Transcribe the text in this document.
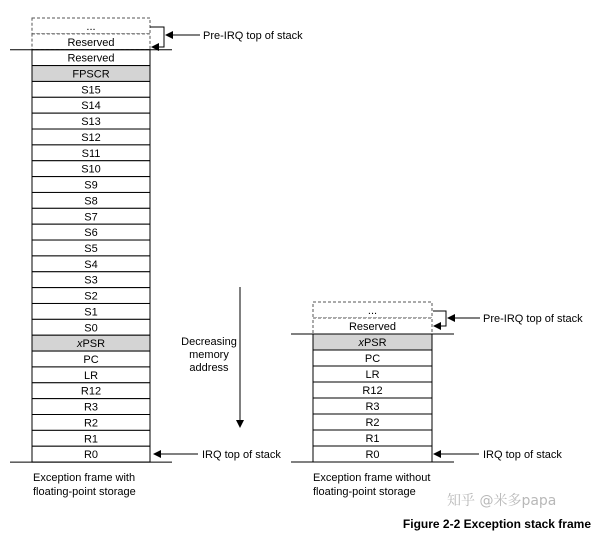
...
Reserved
Reserved
FPSCR
S15
S14
S13
S12
S11
S10
S9
S8
S7
S6
S5
S4
S3
S2
S1
S0
xPSR
PC
LR
R12
R3
R2
R1
R0
...
Reserved
xPSR
PC
LR
R12
R3
R2
R1
R0
Pre-IRQ top of stack
IRQ top of stack
Decreasing
memory
address
Pre-IRQ top of stack
IRQ top of stack
Exception frame with
floating-point storage
Exception frame without
floating-point storage
知乎 @米多papa
Figure 2-2 Exception stack frame
